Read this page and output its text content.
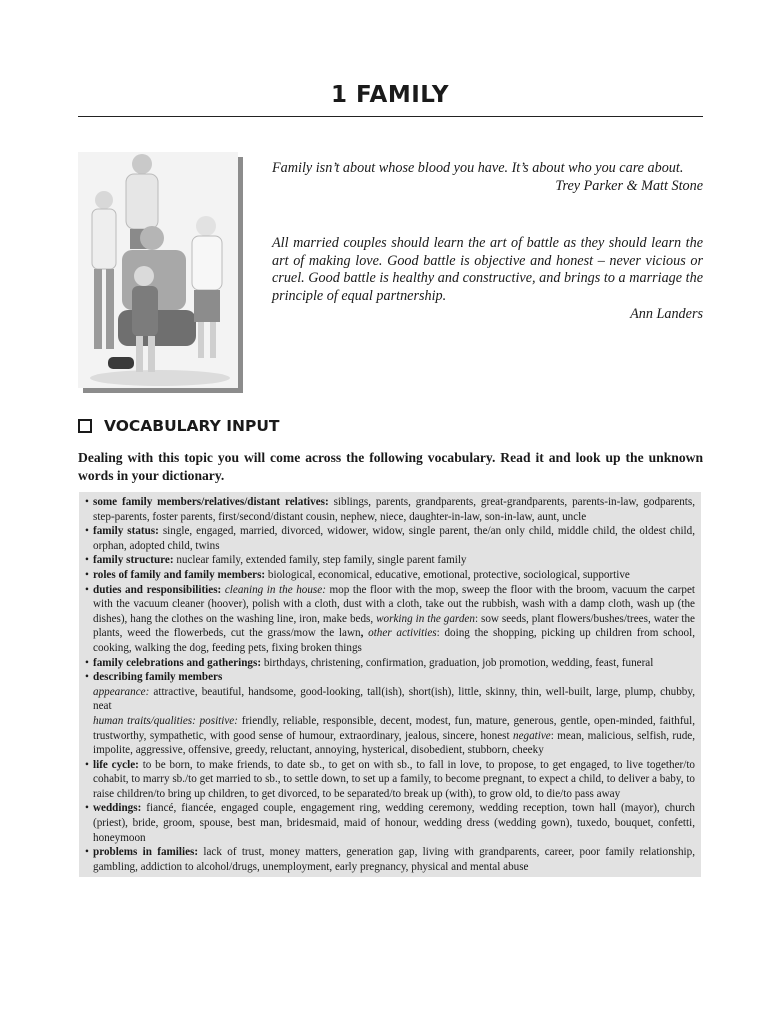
1 FAMILY

Family isn’t about whose blood you have. It’s about who you care about.

Trey Parker & Matt Stone

All married couples should learn the art of battle as they should learn the art of making love. Good battle is objective and honest – never vicious or cruel. Good battle is healthy and constructive, and brings to a marriage the principle of equal partnership.

Ann Landers

VOCABULARY INPUT
Dealing with this topic you will come across the following vocabulary. Read it and look up the unknown words in your dictionary.
• some family members/relatives/distant relatives: siblings, parents, grandparents, great-grandparents, parents-in-law, godparents, step-parents, foster parents, first/second/distant cousin, nephew, niece, daughter-in-law, son-in-law, aunt, uncle
• family status: single, engaged, married, divorced, widower, widow, single parent, the/an only child, middle child, the oldest child, orphan, adopted child, twins
• family structure: nuclear family, extended family, step family, single parent family
• roles of family and family members: biological, economical, educative, emotional, protective, sociological, supportive
• duties and responsibilities: cleaning in the house: mop the floor with the mop, sweep the floor with the broom, vacuum the carpet with the vacuum cleaner (hoover), polish with a cloth, dust with a cloth, take out the rubbish, wash with a damp cloth, wash up (the dishes), hang the clothes on the washing line, iron, make beds, working in the garden: sow seeds, plant flowers/bushes/trees, water the plants, weed the flowerbeds, cut the grass/mow the lawn, other activities: doing the shopping, picking up children from school, cooking, walking the dog, feeding pets, fixing broken things
• family celebrations and gatherings: birthdays, christening, confirmation, graduation, job promotion, wedding, feast, funeral
• describing family members
appearance: attractive, beautiful, handsome, good-looking, tall(ish), short(ish), little, skinny, thin, well-built, large, plump, chubby, neat
human traits/qualities: positive: friendly, reliable, responsible, decent, modest, fun, mature, generous, gentle, open-minded, faithful, trustworthy, sympathetic, with good sense of humour, extraordinary, jealous, sincere, honest negative: mean, malicious, selfish, rude, impolite, aggressive, offensive, greedy, reluctant, annoying, hysterical, disobedient, stubborn, cheeky
• life cycle: to be born, to make friends, to date sb., to get on with sb., to fall in love, to propose, to get engaged, to live together/to cohabit, to marry sb./to get married to sb., to settle down, to set up a family, to become pregnant, to expect a child, to deliver a baby, to raise children/to bring up children, to get divorced, to be separated/to break up (with), to grow old, to die/to pass away
• weddings: fiancé, fiancée, engaged couple, engagement ring, wedding ceremony, wedding reception, town hall (mayor), church (priest), bride, groom, spouse, best man, bridesmaid, maid of honour, wedding dress (wedding gown), tuxedo, bouquet, confetti, honeymoon
• problems in families: lack of trust, money matters, generation gap, living with grandparents, career, poor family relationship, gambling, addiction to alcohol/drugs, unemployment, early pregnancy, physical and mental abuse
